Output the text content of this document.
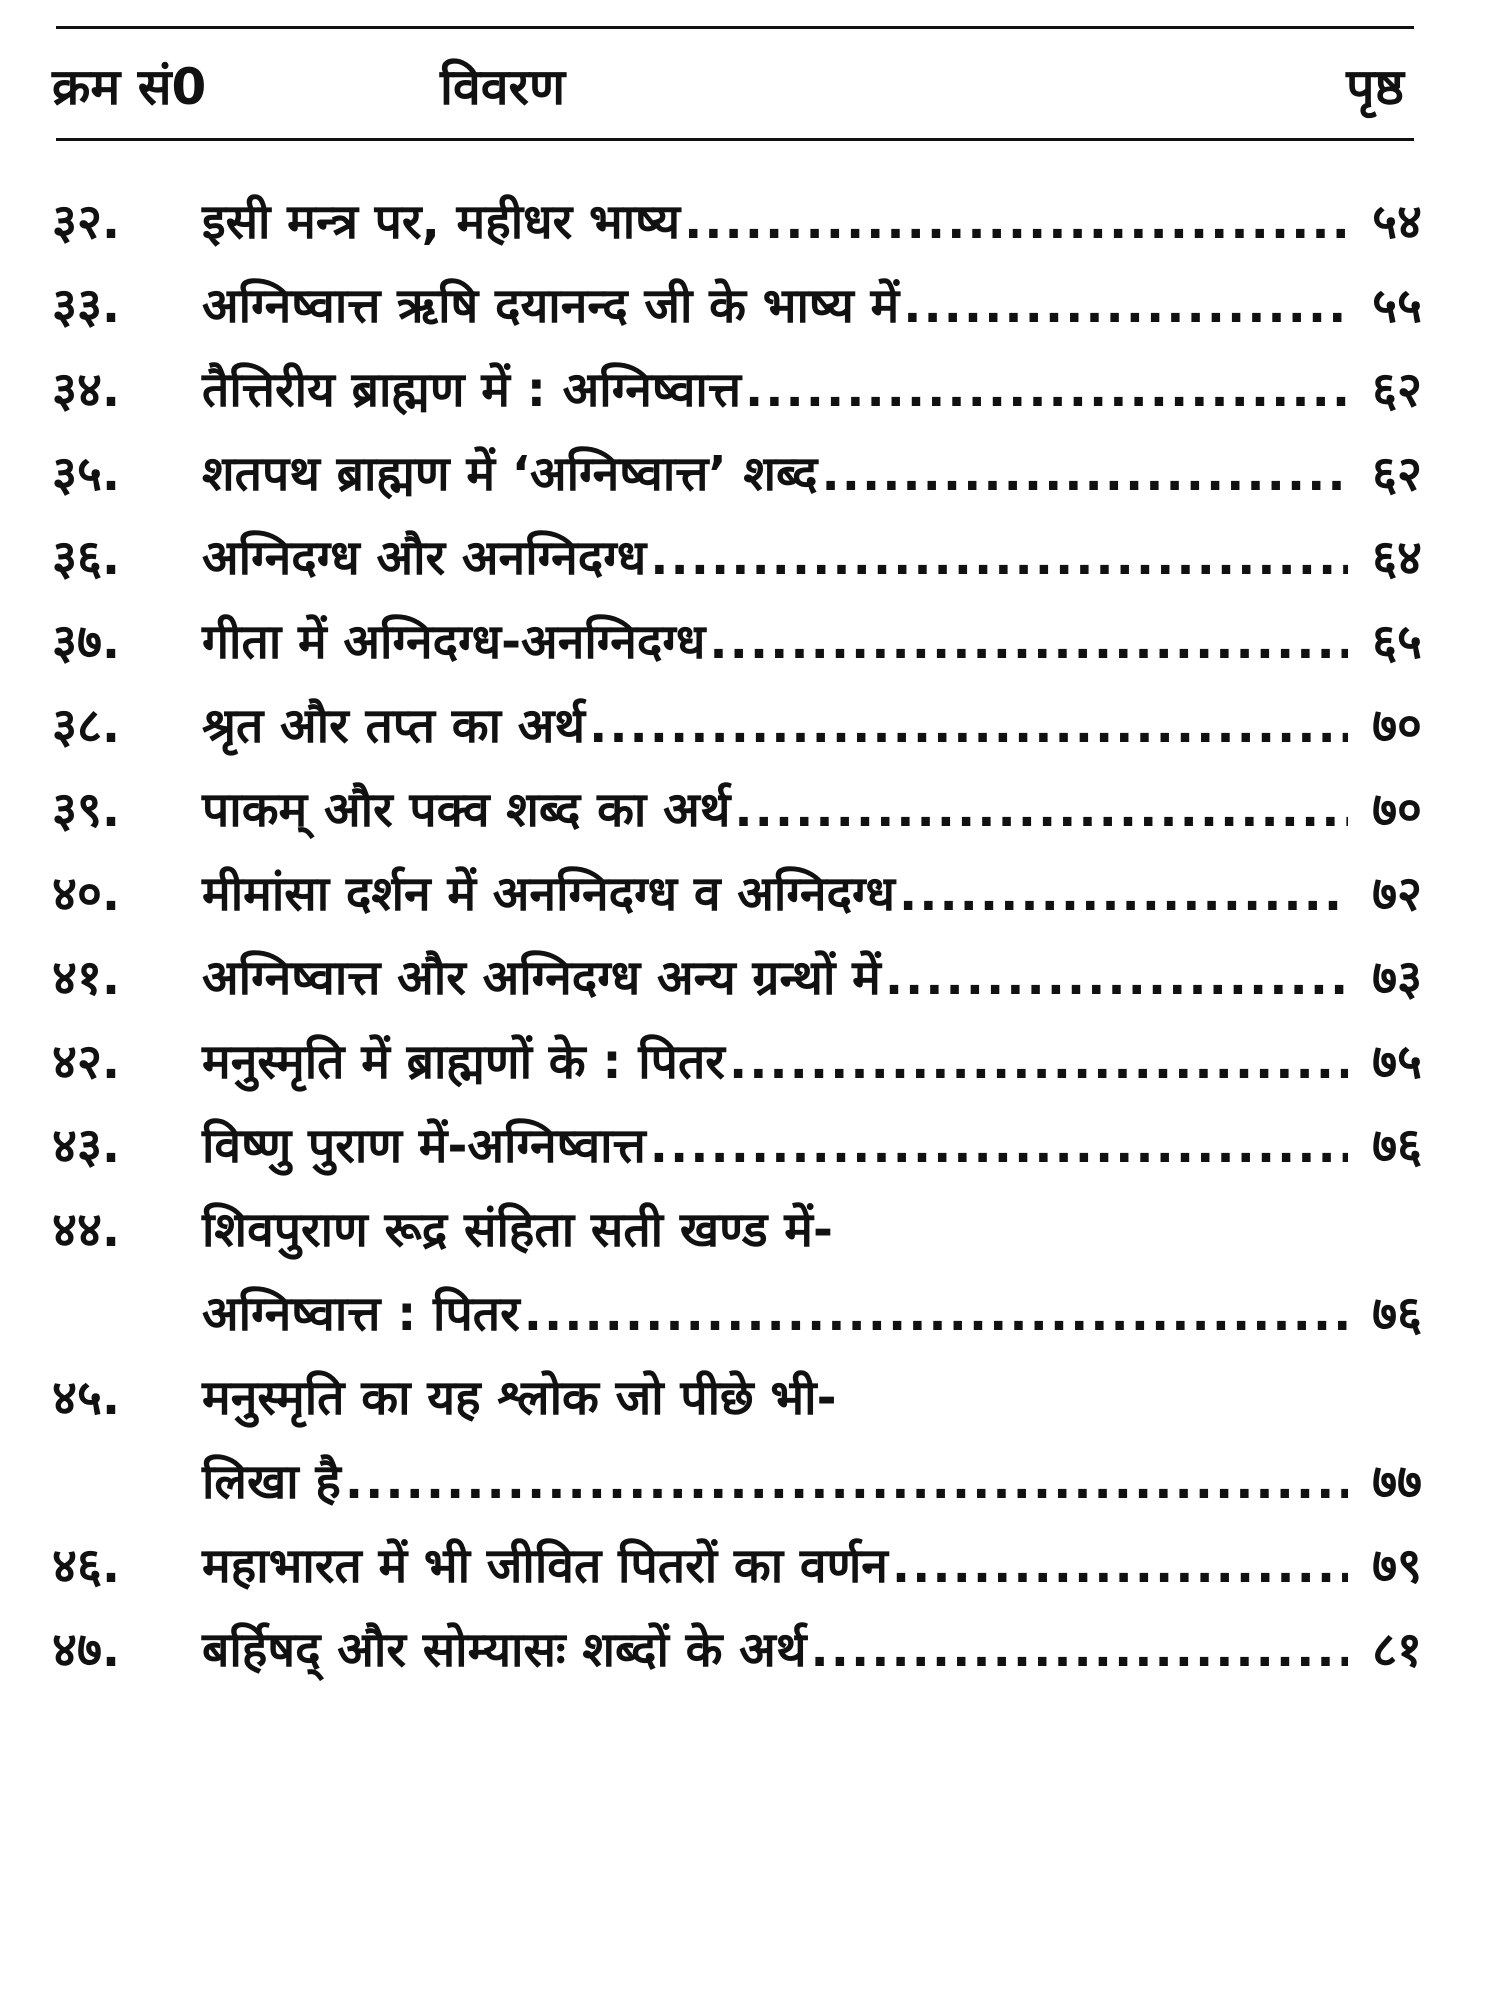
क्रम सं0	विवरण	पृष्ठ
३२.	इसी मन्त्र पर, महीधर भाष्य .....	५४
३३.	अग्निष्वात्त ऋषि दयानन्द जी के भाष्य में .....	५५
३४.	तैत्तिरीय ब्राह्मण में : अग्निष्वात्त .....	६२
३५.	शतपथ ब्राह्मण में ‘अग्निष्वात्त’ शब्द .....	६२
३६.	अग्निदग्ध और अनग्निदग्ध .....	६४
३७.	गीता में अग्निदग्ध-अनग्निदग्ध .....	६५
३८.	श्रृत और तप्त का अर्थ .....	७०
३९.	पाकम् और पक्व शब्द का अर्थ .....	७०
४०.	मीमांसा दर्शन में अनग्निदग्ध व अग्निदग्ध .....	७२
४१.	अग्निष्वात्त और अग्निदग्ध अन्य ग्रन्थों में .....	७३
४२.	मनुस्मृति में ब्राह्मणों के : पितर .....	७५
४३.	विष्णु पुराण में-अग्निष्वात्त .....	७६
४४.	शिवपुराण रूद्र संहिता सती खण्ड में-
अग्निष्वात्त : पितर .....	७६
४५.	मनुस्मृति का यह श्लोक जो पीछे भी-
लिखा है .....	७७
४६.	महाभारत में भी जीवित पितरों का वर्णन .....	७९
४७.	बर्हिषद् और सोम्यासः शब्दों के अर्थ .....	८१
